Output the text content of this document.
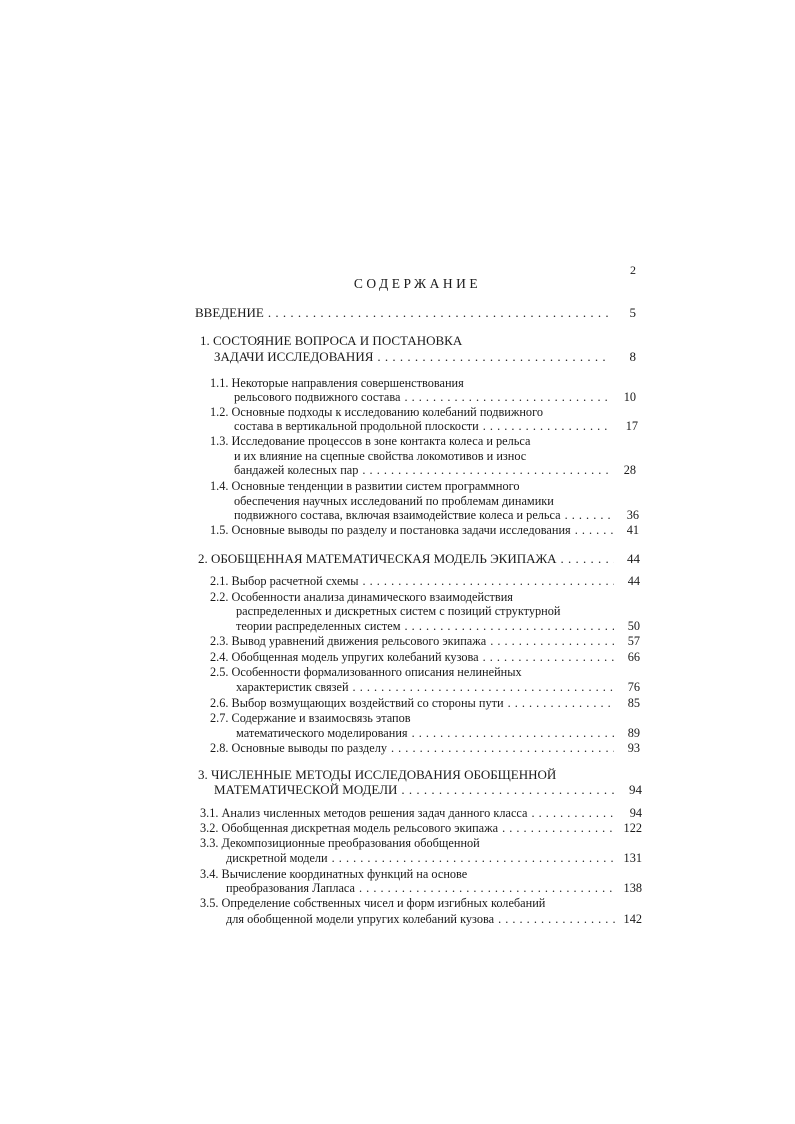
2
СОДЕРЖАНИЕ
ВВЕДЕНИЕ . . .	5
1. СОСТОЯНИЕ ВОПРОСА И ПОСТАНОВКА
ЗАДАЧИ ИССЛЕДОВАНИЯ . . .	8
1.1. Некоторые направления совершенствования
рельсового подвижного состава . . .	10
1.2. Основные подходы к исследованию колебаний подвижного
состава в вертикальной продольной плоскости . . .	17
1.3. Исследование процессов в зоне контакта колеса и рельса
и их влияние на сцепные свойства локомотивов и износ
бандажей колесных пар . . .	28
1.4. Основные тенденции в развитии систем программного
обеспечения научных исследований по проблемам динамики
подвижного состава, включая взаимодействие колеса и рельса . . .	36
1.5. Основные выводы по разделу и постановка задачи исследования . . .	41
2. ОБОБЩЕННАЯ МАТЕМАТИЧЕСКАЯ МОДЕЛЬ ЭКИПАЖА . . .	44
2.1. Выбор расчетной схемы . . .	44
2.2. Особенности анализа динамического взаимодействия
распределенных и дискретных систем с позиций структурной
теории распределенных систем . . .	50
2.3. Вывод уравнений движения рельсового экипажа . . .	57
2.4. Обобщенная модель упругих колебаний кузова . . .	66
2.5. Особенности формализованного описания нелинейных
характеристик связей . . .	76
2.6. Выбор возмущающих воздействий со стороны пути . . .	85
2.7. Содержание и взаимосвязь этапов
математического моделирования . . .	89
2.8. Основные выводы по разделу . . .	93
3. ЧИСЛЕННЫЕ МЕТОДЫ ИССЛЕДОВАНИЯ ОБОБЩЕННОЙ
МАТЕМАТИЧЕСКОЙ МОДЕЛИ . . .	94
3.1. Анализ численных методов решения задач данного класса . . .	94
3.2. Обобщенная дискретная модель рельсового экипажа . . .	122
3.3. Декомпозиционные преобразования обобщенной
дискретной модели . . .	131
3.4. Вычисление координатных функций на основе
преобразования Лапласа . . .	138
3.5. Определение собственных чисел и форм изгибных колебаний
для обобщенной модели упругих колебаний кузова . . .	142
